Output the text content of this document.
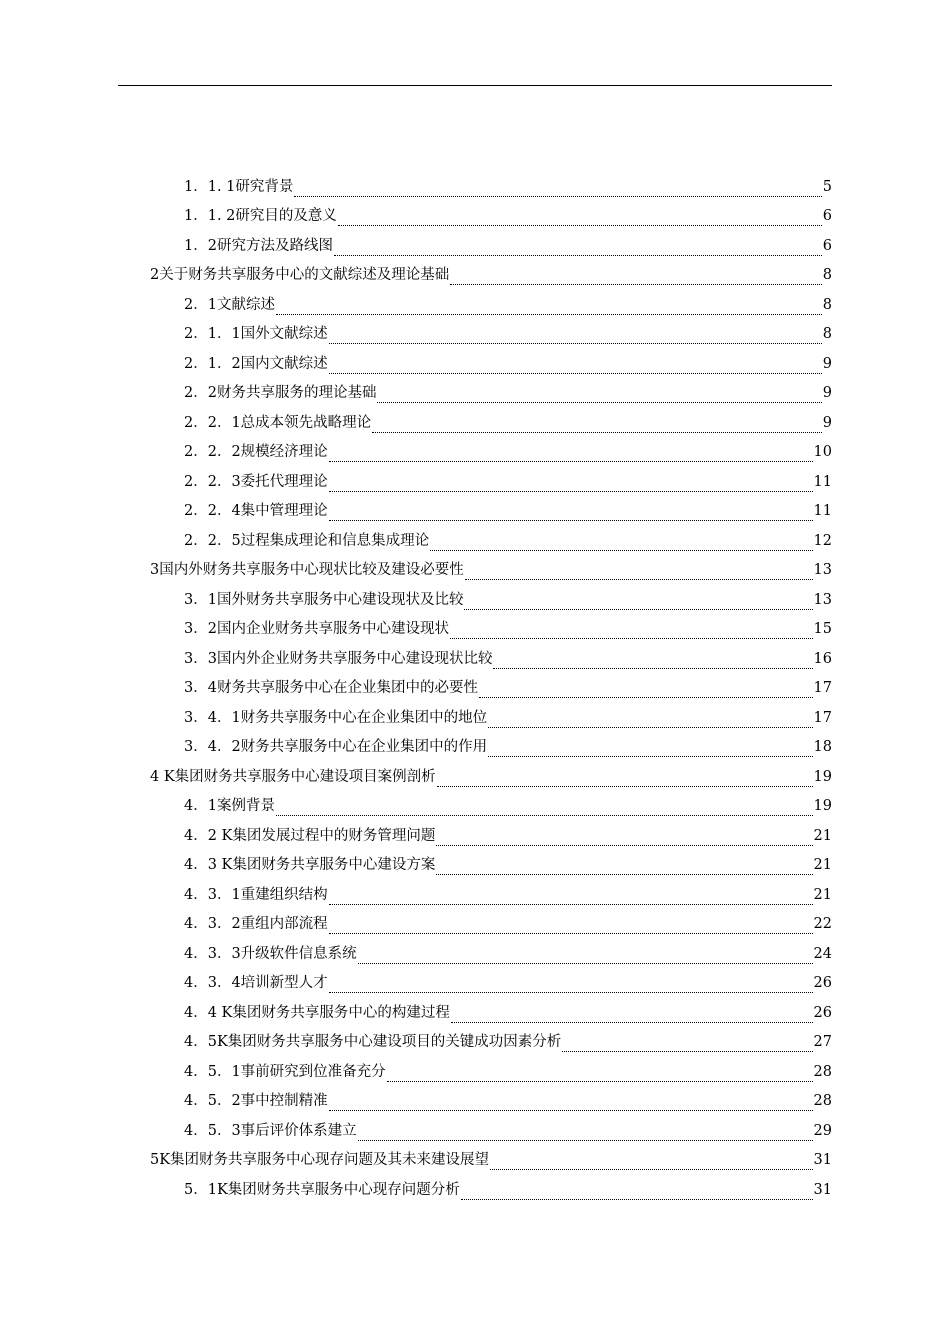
1．1. 1研究背景	5
1．1. 2研究目的及意义	6
1．2研究方法及路线图	6
2关于财务共享服务中心的文献综述及理论基础	8
2．1文献综述	8
2．1．1国外文献综述	8
2．1．2国内文献综述	9
2．2财务共享服务的理论基础	9
2．2．1总成本领先战略理论	9
2．2．2规模经济理论	10
2．2．3委托代理理论	11
2．2．4集中管理理论	11
2．2．5过程集成理论和信息集成理论	12
3国内外财务共享服务中心现状比较及建设必要性	13
3．1国外财务共享服务中心建设现状及比较	13
3．2国内企业财务共享服务中心建设现状	15
3．3国内外企业财务共享服务中心建设现状比较	16
3．4财务共享服务中心在企业集团中的必要性	17
3．4．1财务共享服务中心在企业集团中的地位	17
3．4．2财务共享服务中心在企业集团中的作用	18
4 K集团财务共享服务中心建设项目案例剖析	19
4．1案例背景	19
4．2 K集团发展过程中的财务管理问题	21
4．3 K集团财务共享服务中心建设方案	21
4．3．1重建组织结构	21
4．3．2重组内部流程	22
4．3．3升级软件信息系统	24
4．3．4培训新型人才	26
4．4 K集团财务共享服务中心的构建过程	26
4．5K集团财务共享服务中心建设项目的关键成功因素分析	27
4．5．1事前研究到位准备充分	28
4．5．2事中控制精准	28
4．5．3事后评价体系建立	29
5K集团财务共享服务中心现存问题及其未来建设展望	31
5．1K集团财务共享服务中心现存问题分析	31
